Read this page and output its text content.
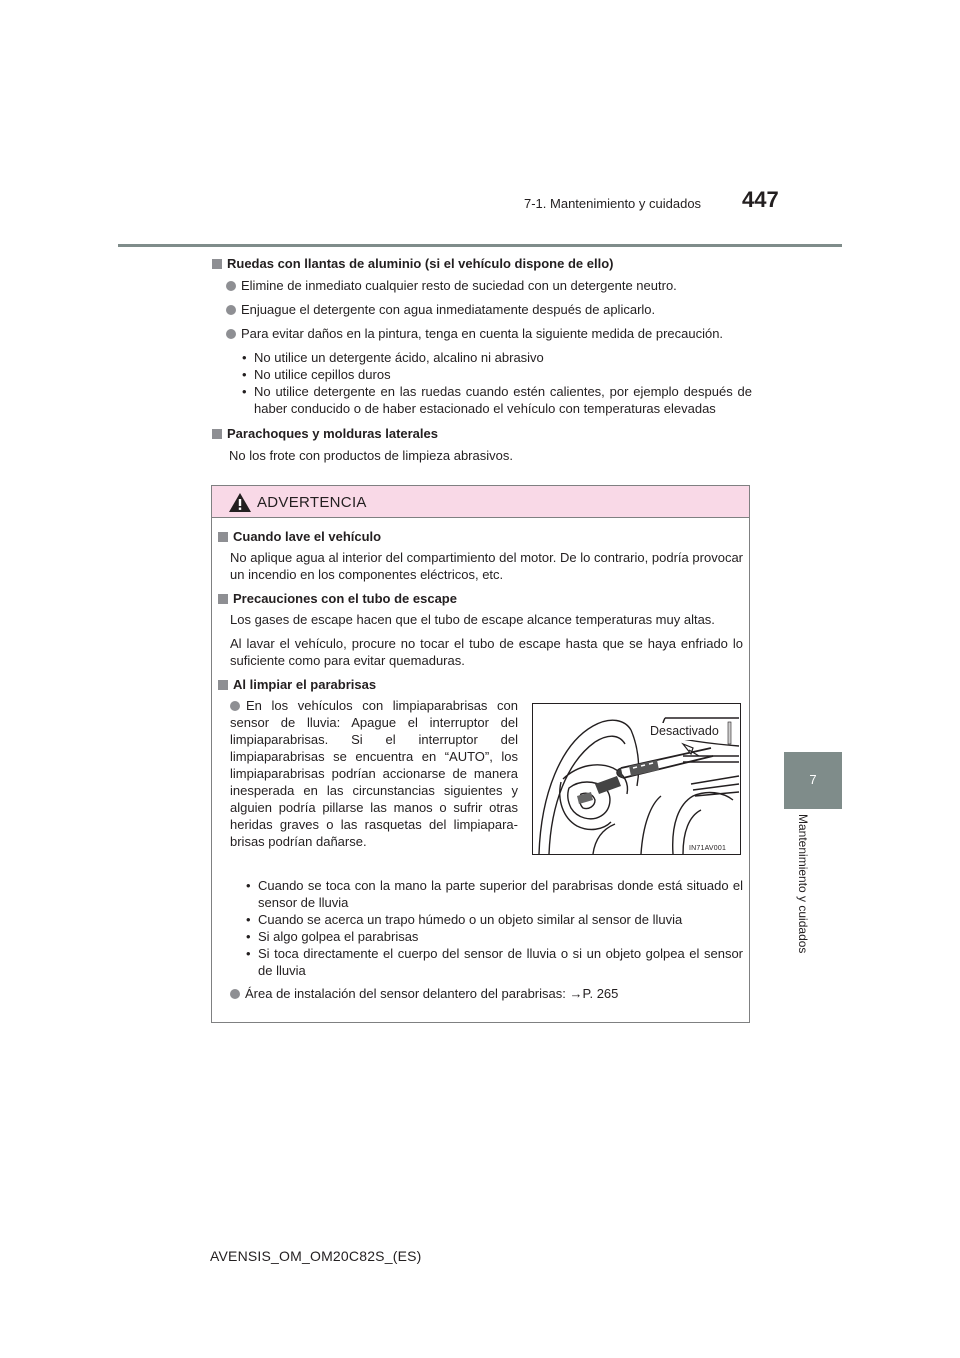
7-1. Mantenimiento y cuidados 447
7
Mantenimiento y cuidados
Ruedas con llantas de aluminio (si el vehículo dispone de ello)
Elimine de inmediato cualquier resto de suciedad con un detergente neutro.
Enjuague el detergente con agua inmediatamente después de aplicarlo.
Para evitar daños en la pintura, tenga en cuenta la siguiente medida de precaución.
• No utilice un detergente ácido, alcalino ni abrasivo
• No utilice cepillos duros
• No utilice detergente en las ruedas cuando estén calientes, por ejemplo después de haber conducido o de haber estacionado el vehículo con temperaturas elevadas
Parachoques y molduras laterales
No los frote con productos de limpieza abrasivos.
ADVERTENCIA
Cuando lave el vehículo
No aplique agua al interior del compartimiento del motor. De lo contrario, podría provocar un incendio en los componentes eléctricos, etc.
Precauciones con el tubo de escape
Los gases de escape hacen que el tubo de escape alcance temperaturas muy altas.
Al lavar el vehículo, procure no tocar el tubo de escape hasta que se haya enfriado lo suficiente como para evitar quemaduras.
Al limpiar el parabrisas
En los vehículos con limpiaparabrisas con sensor de lluvia: Apague el interruptor del limpiaparabrisas. Si el interruptor del limpiaparabrisas se encuentra en “AUTO”, los limpiaparabrisas podrían accionarse de manera inesperada en las circunstancias siguientes y alguien podría pillarse las manos o sufrir otras heridas graves o las rasquetas del limpiaparabrisas podrían dañarse.
Desactivado
IN71AV001
• Cuando se toca con la mano la parte superior del parabrisas donde está situado el sensor de lluvia
• Cuando se acerca un trapo húmedo o un objeto similar al sensor de lluvia
• Si algo golpea el parabrisas
• Si toca directamente el cuerpo del sensor de lluvia o si un objeto golpea el sensor de lluvia
Área de instalación del sensor delantero del parabrisas: →P. 265
AVENSIS_OM_OM20C82S_(ES)
